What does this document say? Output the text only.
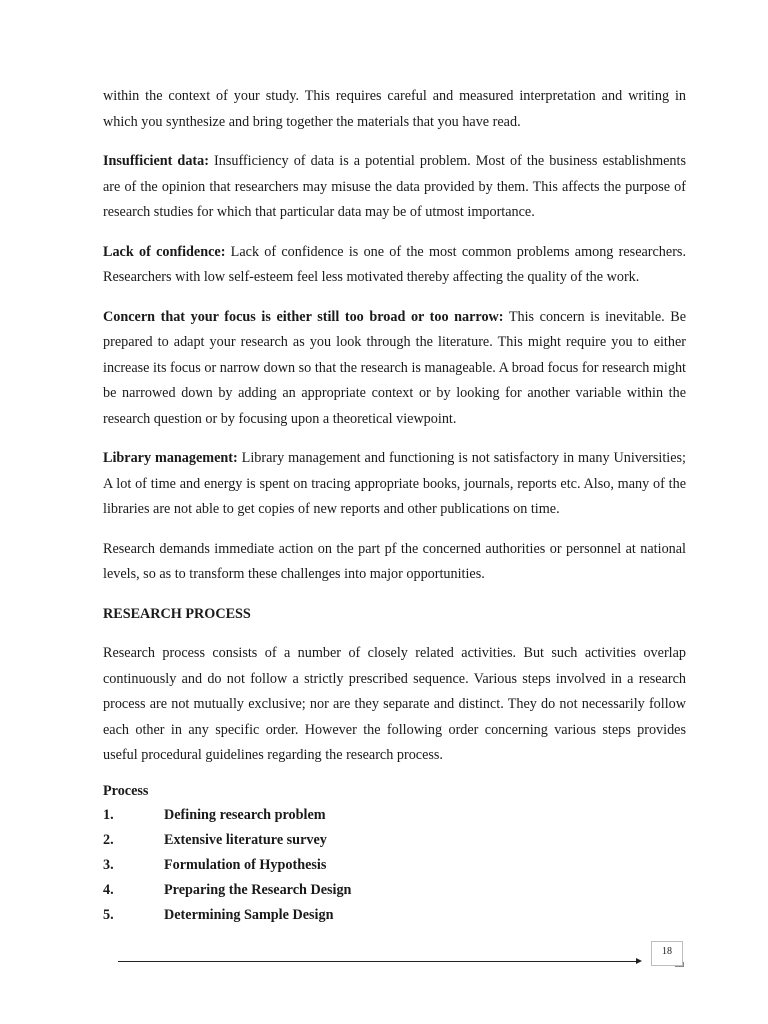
within the context of your study. This requires careful and measured interpretation and writing in which you synthesize and bring together the materials that you have read.

Insufficient data: Insufficiency of data is a potential problem. Most of the business establishments are of the opinion that researchers may misuse the data provided by them. This affects the purpose of research studies for which that particular data may be of utmost importance.

Lack of confidence: Lack of confidence is one of the most common problems among researchers. Researchers with low self-esteem feel less motivated thereby affecting the quality of the work.

Concern that your focus is either still too broad or too narrow: This concern is inevitable. Be prepared to adapt your research as you look through the literature. This might require you to either increase its focus or narrow down so that the research is manageable. A broad focus for research might be narrowed down by adding an appropriate context or by looking for another variable within the research question or by focusing upon a theoretical viewpoint.

Library management: Library management and functioning is not satisfactory in many Universities; A lot of time and energy is spent on tracing appropriate books, journals, reports etc. Also, many of the libraries are not able to get copies of new reports and other publications on time.

Research demands immediate action on the part pf the concerned authorities or personnel at national levels, so as to transform these challenges into major opportunities.

RESEARCH PROCESS

Research process consists of a number of closely related activities. But such activities overlap continuously and do not follow a strictly prescribed sequence. Various steps involved in a research process are not mutually exclusive; nor are they separate and distinct. They do not necessarily follow each other in any specific order. However the following order concerning various steps provides useful procedural guidelines regarding the research process.

Process
1.	Defining research problem
2.	Extensive literature survey
3.	Formulation of Hypothesis
4.	Preparing the Research Design
5.	Determining Sample Design
18
